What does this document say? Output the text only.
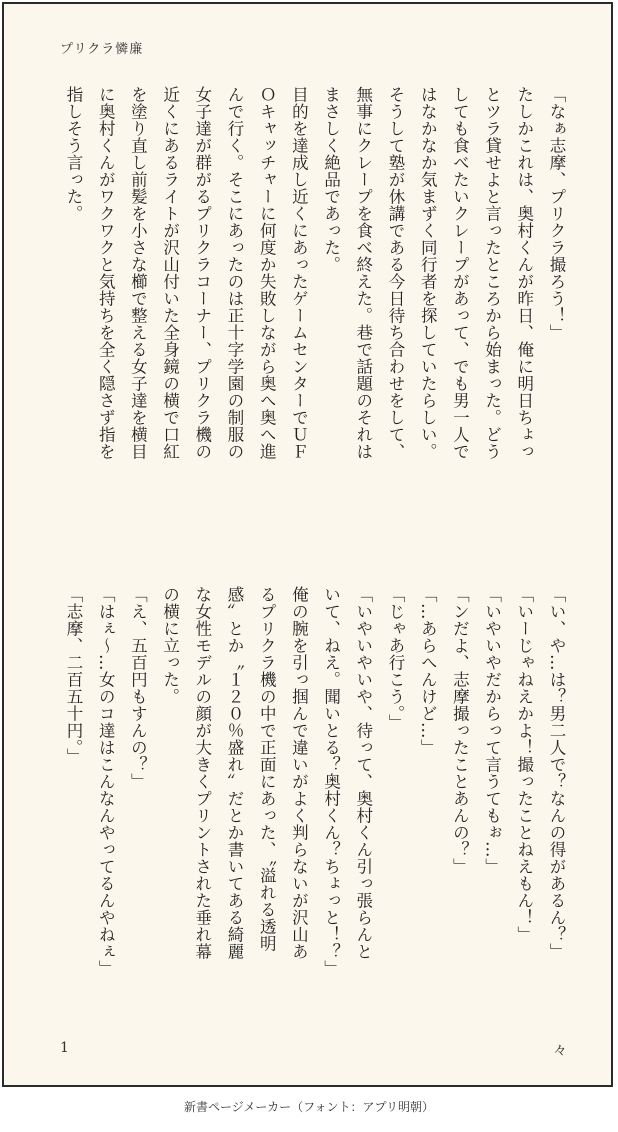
プリクラ憐廉
「なぁ志摩、プリクラ撮ろう！」
たしかこれは、奥村くんが昨日、俺に明日ちょっ
とツラ貸せよと言ったところから始まった。どう
しても食べたいクレープがあって、でも男一人で
はなかなか気まずく同行者を探していたらしい。
そうして塾が休講である今日待ち合わせをして、
無事にクレープを食べ終えた。巷で話題のそれは
まさしく絶品であった。
目的を達成し近くにあったゲームセンターでＵＦ
Ｏキャッチャーに何度か失敗しながら奥へ奥へ進
んで行く。そこにあったのは正十字学園の制服の
女子達が群がるプリクラコーナー、プリクラ機の
近くにあるライトが沢山付いた全身鏡の横で口紅
を塗り直し前髪を小さな櫛で整える女子達を横目
に奥村くんがワクワクと気持ちを全く隠さず指を
指しそう言った。
「い、や…は？男二人で？なんの得があるん？」
「いーじゃねえかよ！撮ったことねえもん！」
「いやいやだからって言うてもぉ…」
「ンだよ、志摩撮ったことあんの？」
「…あらへんけど…」
「じゃあ行こう。」
「いやいやいや、待って、奥村くん引っ張らんと
いて、ねえ。聞いとる？奥村くん？ちょっと！？」
俺の腕を引っ掴んで違いがよく判らないが沢山あ
るプリクラ機の中で正面にあった、〝溢れる透明
感〟とか〝１２０％盛れ〟だとか書いてある綺麗
な女性モデルの顔が大きくプリントされた垂れ幕
の横に立った。
「え、五百円もすんの？」
「はぇ～…女のコ達はこんなんやってるんやねぇ」
「志摩、二百五十円。」
1	々
新書ページメーカー（フォント：アプリ明朝）
